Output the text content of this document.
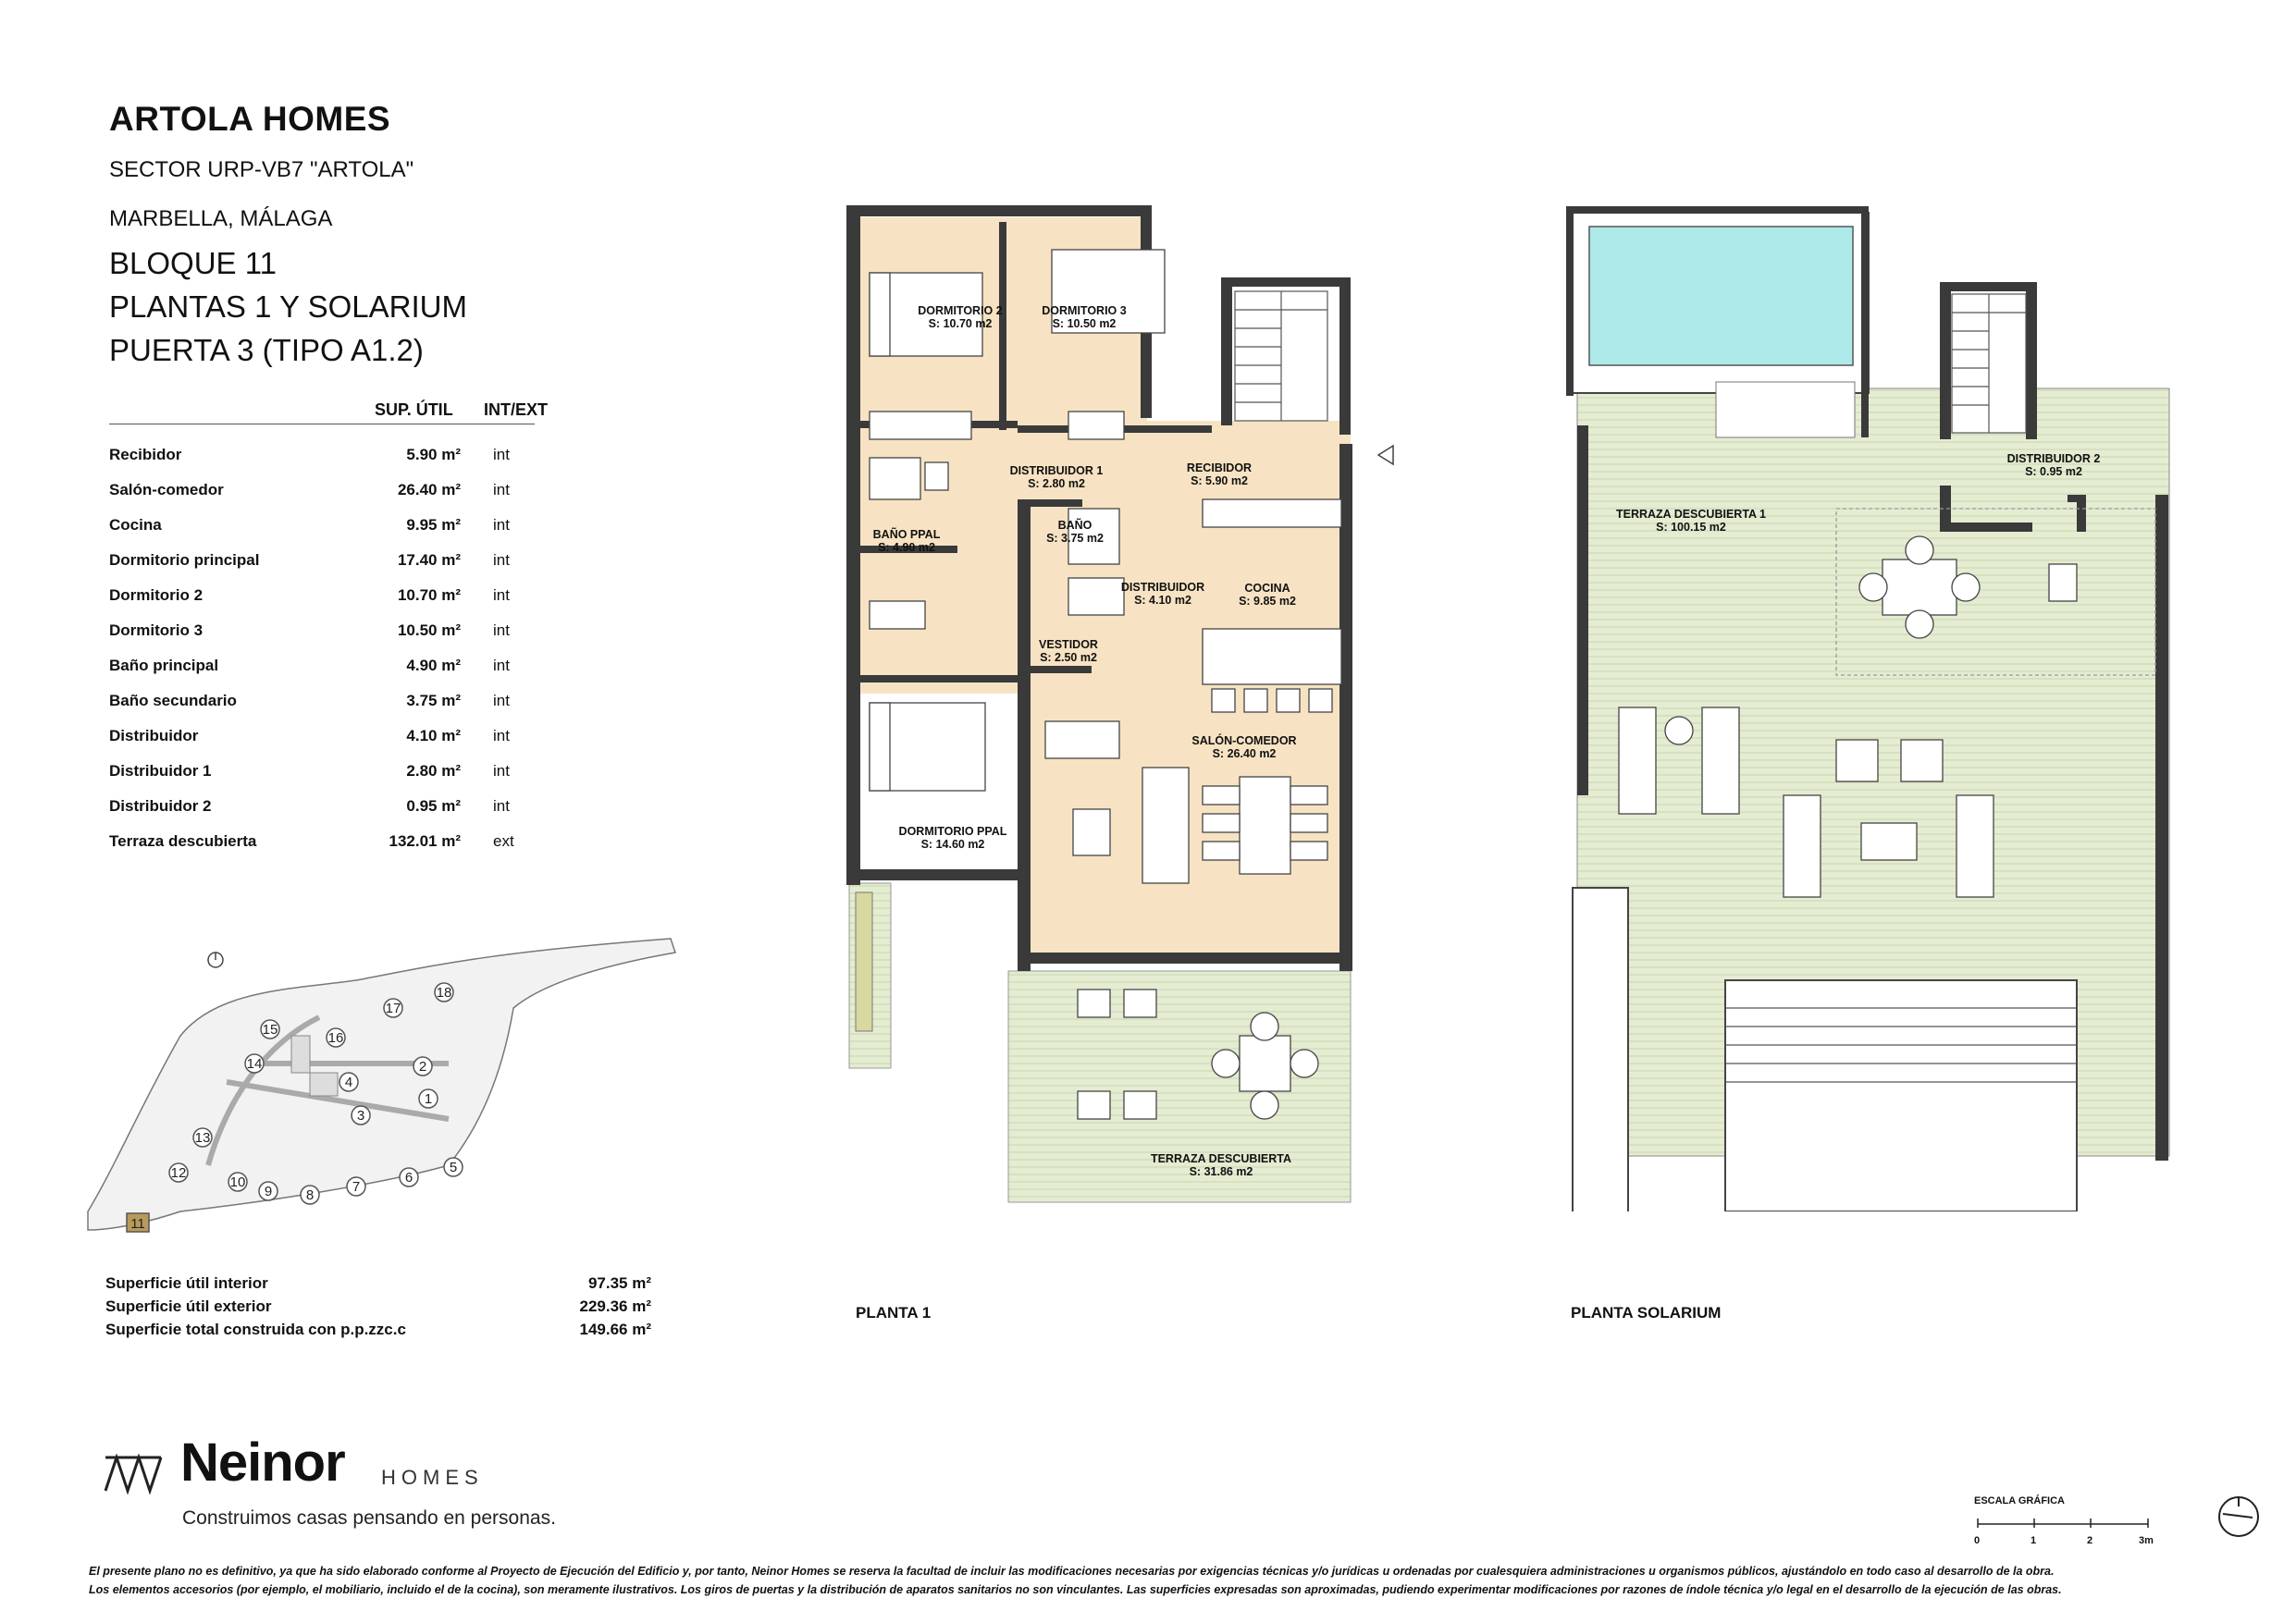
ARTOLA HOMES
SECTOR URP-VB7 "ARTOLA"
MARBELLA, MÁLAGA
BLOQUE 11
PLANTAS 1 Y SOLARIUM
PUERTA 3 (TIPO A1.2)
SUP. ÚTIL INT/EXT
Recibidor	5.90 m² int
Salón-comedor	26.40 m² int
Cocina	9.95 m² int
Dormitorio principal	17.40 m² int
Dormitorio 2	10.70 m² int
Dormitorio 3	10.50 m² int
Baño principal	4.90 m² int
Baño secundario	3.75 m² int
Distribuidor	4.10 m² int
Distribuidor 1	2.80 m² int
Distribuidor 2	0.95 m² int
Terraza descubierta	132.01 m² ext
1
2
3
4
5
6
7
8
9
10
11
12
13
14
15
16
17
18
Superficie útil interior	97.35 m²
Superficie útil exterior	229.36 m²
Superficie total construida con p.p.zzc.c	149.66 m²
DORMITORIO 2
S: 10.70 m2
DORMITORIO 3
S: 10.50 m2
DISTRIBUIDOR 1
S: 2.80 m2
RECIBIDOR
S: 5.90 m2
BAÑO PPAL
S: 4.90 m2
BAÑO
S: 3.75 m2
DISTRIBUIDOR
S: 4.10 m2
COCINA
S: 9.85 m2
VESTIDOR
S: 2.50 m2
SALÓN-COMEDOR
S: 26.40 m2
DORMITORIO PPAL
S: 14.60 m2
TERRAZA DESCUBIERTA
S: 31.86 m2
PLANTA 1
TERRAZA DESCUBIERTA 1
S: 100.15 m2
DISTRIBUIDOR 2
S: 0.95 m2
PLANTA SOLARIUM
Neinor HOMES
Construimos casas pensando en personas.
ESCALA GRÁFICA
0	1	2	3m
El presente plano no es definitivo, ya que ha sido elaborado conforme al Proyecto de Ejecución del Edificio y, por tanto, Neinor Homes se reserva la facultad de incluir las modificaciones necesarias por exigencias técnicas y/o jurídicas u ordenadas por cualesquiera administraciones u organismos públicos, ajustándolo en todo caso al desarrollo de la obra.
Los elementos accesorios (por ejemplo, el mobiliario, incluido el de la cocina), son meramente ilustrativos. Los giros de puertas y la distribución de aparatos sanitarios no son vinculantes. Las superficies expresadas son aproximadas, pudiendo experimentar modificaciones por razones de índole técnica y/o legal en el desarrollo de la ejecución de las obras.
